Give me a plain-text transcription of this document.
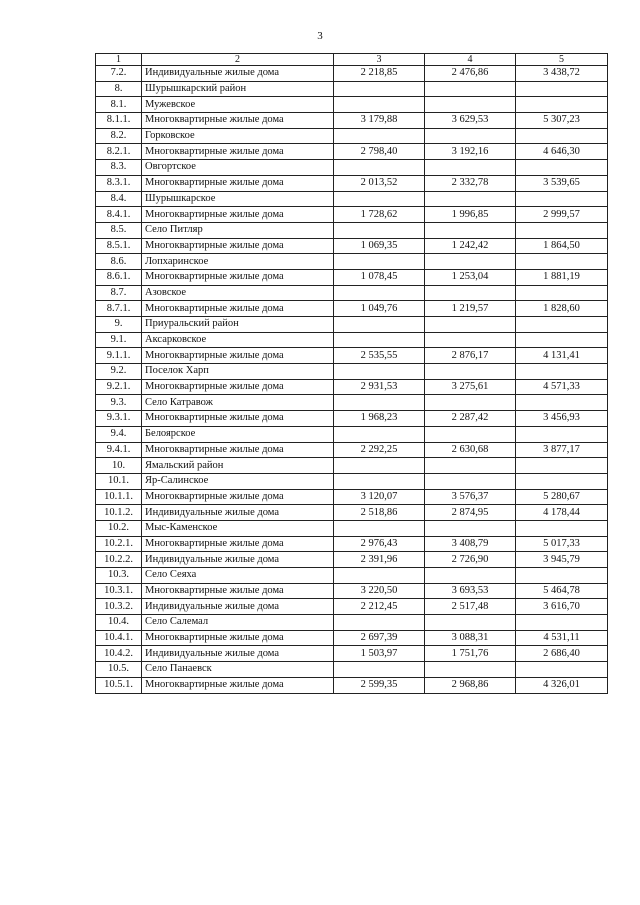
3
1	2	3	4	5
7.2.	Индивидуальные жилые дома	2 218,85	2 476,86	3 438,72
8.	Шурышкарский район			
8.1.	Мужевское			
8.1.1.	Многоквартирные жилые дома	3 179,88	3 629,53	5 307,23
8.2.	Горковское			
8.2.1.	Многоквартирные жилые дома	2 798,40	3 192,16	4 646,30
8.3.	Овгортское			
8.3.1.	Многоквартирные жилые дома	2 013,52	2 332,78	3 539,65
8.4.	Шурышкарское			
8.4.1.	Многоквартирные жилые дома	1 728,62	1 996,85	2 999,57
8.5.	Село Питляр			
8.5.1.	Многоквартирные жилые дома	1 069,35	1 242,42	1 864,50
8.6.	Лопхаринское			
8.6.1.	Многоквартирные жилые дома	1 078,45	1 253,04	1 881,19
8.7.	Азовское			
8.7.1.	Многоквартирные жилые дома	1 049,76	1 219,57	1 828,60
9.	Приуральский район			
9.1.	Аксарковское			
9.1.1.	Многоквартирные жилые дома	2 535,55	2 876,17	4 131,41
9.2.	Поселок Харп			
9.2.1.	Многоквартирные жилые дома	2 931,53	3 275,61	4 571,33
9.3.	Село Катравож			
9.3.1.	Многоквартирные жилые дома	1 968,23	2 287,42	3 456,93
9.4.	Белоярское			
9.4.1.	Многоквартирные жилые дома	2 292,25	2 630,68	3 877,17
10.	Ямальский район			
10.1.	Яр-Салинское			
10.1.1.	Многоквартирные жилые дома	3 120,07	3 576,37	5 280,67
10.1.2.	Индивидуальные жилые дома	2 518,86	2 874,95	4 178,44
10.2.	Мыс-Каменское			
10.2.1.	Многоквартирные жилые дома	2 976,43	3 408,79	5 017,33
10.2.2.	Индивидуальные жилые дома	2 391,96	2 726,90	3 945,79
10.3.	Село Сеяха			
10.3.1.	Многоквартирные жилые дома	3 220,50	3 693,53	5 464,78
10.3.2.	Индивидуальные жилые дома	2 212,45	2 517,48	3 616,70
10.4.	Село Салемал			
10.4.1.	Многоквартирные жилые дома	2 697,39	3 088,31	4 531,11
10.4.2.	Индивидуальные жилые дома	1 503,97	1 751,76	2 686,40
10.5.	Село Панаевск			
10.5.1.	Многоквартирные жилые дома	2 599,35	2 968,86	4 326,01
